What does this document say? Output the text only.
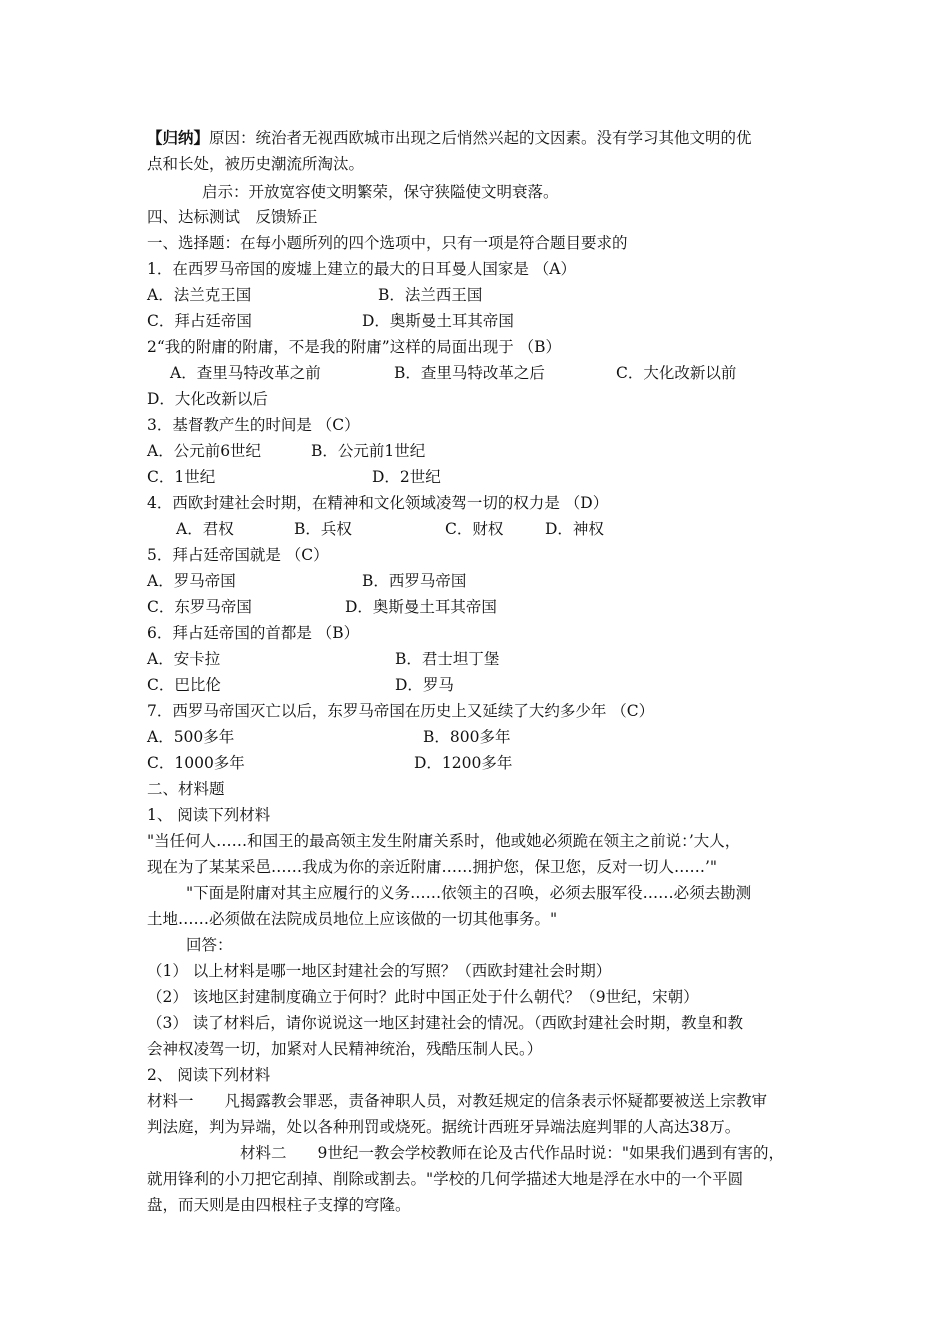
【归纳】原因：统治者无视西欧城市出现之后悄然兴起的文因素。没有学习其他文明的优
点和长处，被历史潮流所淘汰。
启示：开放宽容使文明繁荣，保守狭隘使文明衰落。
四、达标测试　反馈矫正
一、选择题：在每小题所列的四个选项中，只有一项是符合题目要求的
1．在西罗马帝国的废墟上建立的最大的日耳曼人国家是 （A）
A．法兰克王国	B．法兰西王国
C．拜占廷帝国	D．奥斯曼土耳其帝国
2“我的附庸的附庸，不是我的附庸”这样的局面出现于 （B）
A．查里马特改革之前	B．查里马特改革之后	C．大化改新以前
D．大化改新以后
3．基督教产生的时间是 （C）
A．公元前6世纪	B．公元前1世纪
C．1世纪	D．2世纪
4．西欧封建社会时期，在精神和文化领域凌驾一切的权力是 （D）
A．君权	B．兵权	C．财权	D．神权
5．拜占廷帝国就是 （C）
A．罗马帝国	B．西罗马帝国
C．东罗马帝国	D．奥斯曼土耳其帝国
6．拜占廷帝国的首都是 （B）
A．安卡拉	B．君士坦丁堡
C．巴比伦	D．罗马
7．西罗马帝国灭亡以后，东罗马帝国在历史上又延续了大约多少年 （C）
A．500多年	B．800多年
C．1000多年	D．1200多年
二、材料题
1、 阅读下列材料
"当任何人……和国王的最高领主发生附庸关系时，他或她必须跪在领主之前说：’大人，
现在为了某某采邑……我成为你的亲近附庸……拥护您，保卫您，反对一切人……’"
"下面是附庸对其主应履行的义务……依领主的召唤，必须去服军役……必须去勘测
土地……必须做在法院成员地位上应该做的一切其他事务。"
回答：
（1） 以上材料是哪一地区封建社会的写照？（西欧封建社会时期）
（2） 该地区封建制度确立于何时？此时中国正处于什么朝代？（9世纪，宋朝）
（3） 读了材料后，请你说说这一地区封建社会的情况。（西欧封建社会时期，教皇和教
会神权凌驾一切，加紧对人民精神统治，残酷压制人民。）
2、 阅读下列材料
材料一　　凡揭露教会罪恶，责备神职人员，对教廷规定的信条表示怀疑都要被送上宗教审
判法庭，判为异端，处以各种刑罚或烧死。据统计西班牙异端法庭判罪的人高达38万。
材料二　　9世纪一教会学校教师在论及古代作品时说："如果我们遇到有害的，
就用锋利的小刀把它刮掉、削除或割去。"学校的几何学描述大地是浮在水中的一个平圆
盘，而天则是由四根柱子支撑的穹隆。
